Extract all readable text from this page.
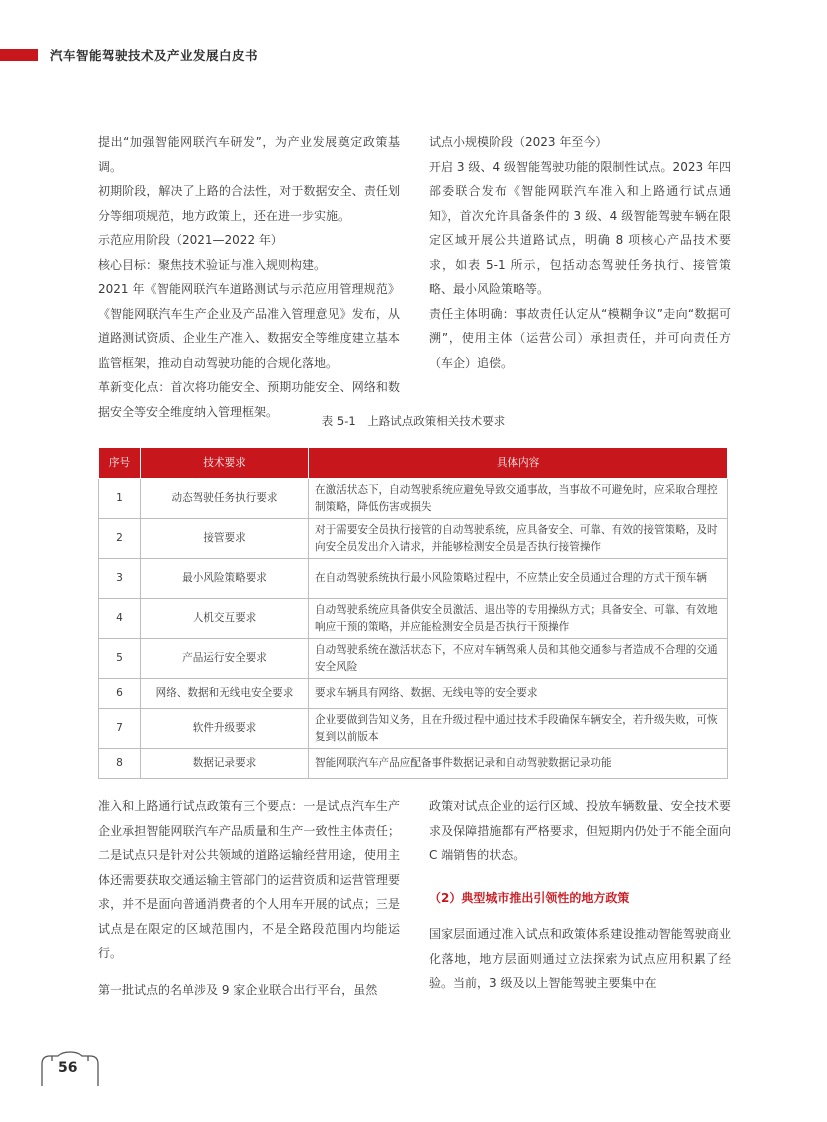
汽车智能驾驶技术及产业发展白皮书

提出“加强智能网联汽车研发”，为产业发展奠定政策基调。

初期阶段，解决了上路的合法性，对于数据安全、责任划分等细项规范，地方政策上，还在进一步实施。

示范应用阶段（2021—2022 年）

核心目标：聚焦技术验证与准入规则构建。

2021 年《智能网联汽车道路测试与示范应用管理规范》《智能网联汽车生产企业及产品准入管理意见》发布，从道路测试资质、企业生产准入、数据安全等维度建立基本监管框架，推动自动驾驶功能的合规化落地。

革新变化点：首次将功能安全、预期功能安全、网络和数据安全等安全维度纳入管理框架。

试点小规模阶段（2023 年至今）

开启 3 级、4 级智能驾驶功能的限制性试点。2023 年四部委联合发布《智能网联汽车准入和上路通行试点通知》，首次允许具备条件的 3 级、4 级智能驾驶车辆在限定区域开展公共道路试点，明确 8 项核心产品技术要求，如表 5-1 所示，包括动态驾驶任务执行、接管策略、最小风险策略等。

责任主体明确：事故责任认定从“模糊争议”走向“数据可溯”，使用主体（运营公司）承担责任，并可向责任方（车企）追偿。

表 5-1　上路试点政策相关技术要求
序号	技术要求	具体内容
1	动态驾驶任务执行要求	在激活状态下，自动驾驶系统应避免导致交通事故，当事故不可避免时，应采取合理控制策略，降低伤害或损失
2	接管要求	对于需要安全员执行接管的自动驾驶系统，应具备安全、可靠、有效的接管策略，及时向安全员发出介入请求，并能够检测安全员是否执行接管操作
3	最小风险策略要求	在自动驾驶系统执行最小风险策略过程中，不应禁止安全员通过合理的方式干预车辆
4	人机交互要求	自动驾驶系统应具备供安全员激活、退出等的专用操纵方式；具备安全、可靠、有效地响应干预的策略，并应能检测安全员是否执行干预操作
5	产品运行安全要求	自动驾驶系统在激活状态下，不应对车辆驾乘人员和其他交通参与者造成不合理的交通安全风险
6	网络、数据和无线电安全要求	要求车辆具有网络、数据、无线电等的安全要求
7	软件升级要求	企业要做到告知义务，且在升级过程中通过技术手段确保车辆安全，若升级失败，可恢复到以前版本
8	数据记录要求	智能网联汽车产品应配备事件数据记录和自动驾驶数据记录功能

准入和上路通行试点政策有三个要点：一是试点汽车生产企业承担智能网联汽车产品质量和生产一致性主体责任；二是试点只是针对公共领域的道路运输经营用途，使用主体还需要获取交通运输主管部门的运营资质和运营管理要求，并不是面向普通消费者的个人用车开展的试点；三是试点是在限定的区域范围内，不是全路段范围内均能运行。

第一批试点的名单涉及 9 家企业联合出行平台，虽然

政策对试点企业的运行区域、投放车辆数量、安全技术要求及保障措施都有严格要求，但短期内仍处于不能全面向 C 端销售的状态。

（2）典型城市推出引领性的地方政策

国家层面通过准入试点和政策体系建设推动智能驾驶商业化落地，地方层面则通过立法探索为试点应用积累了经验。当前，3 级及以上智能驾驶主要集中在

56
